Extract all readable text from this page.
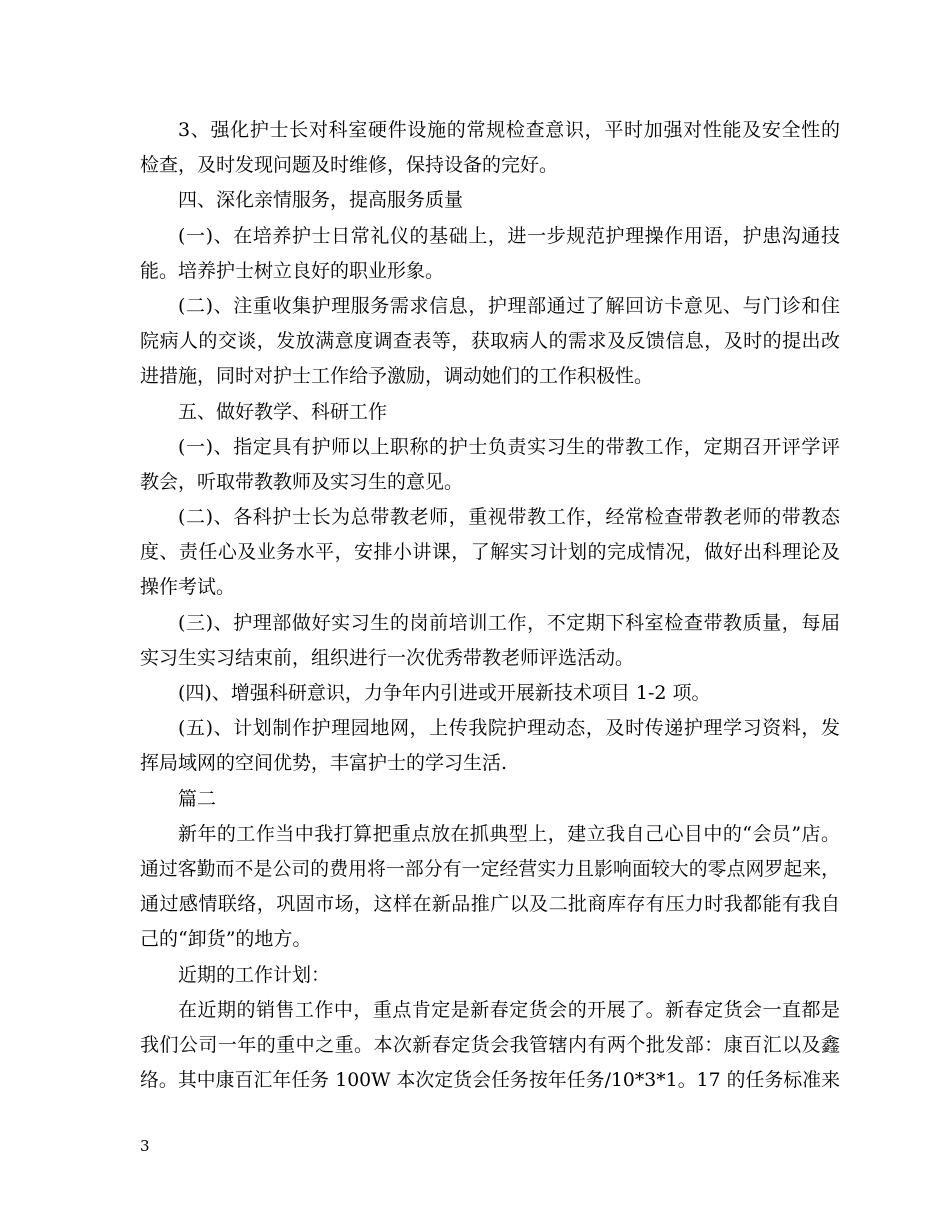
3、强化护士长对科室硬件设施的常规检查意识，平时加强对性能及安全性的
检查，及时发现问题及时维修，保持设备的完好。
四、深化亲情服务，提高服务质量
(一)、在培养护士日常礼仪的基础上，进一步规范护理操作用语，护患沟通技
能。培养护士树立良好的职业形象。
(二)、注重收集护理服务需求信息，护理部通过了解回访卡意见、与门诊和住
院病人的交谈，发放满意度调查表等，获取病人的需求及反馈信息，及时的提出改
进措施，同时对护士工作给予激励，调动她们的工作积极性。
五、做好教学、科研工作
(一)、指定具有护师以上职称的护士负责实习生的带教工作，定期召开评学评
教会，听取带教教师及实习生的意见。
(二)、各科护士长为总带教老师，重视带教工作，经常检查带教老师的带教态
度、责任心及业务水平，安排小讲课，了解实习计划的完成情况，做好出科理论及
操作考试。
(三)、护理部做好实习生的岗前培训工作，不定期下科室检查带教质量，每届
实习生实习结束前，组织进行一次优秀带教老师评选活动。
(四)、增强科研意识，力争年内引进或开展新技术项目 1-2 项。
(五)、计划制作护理园地网，上传我院护理动态，及时传递护理学习资料，发
挥局域网的空间优势，丰富护士的学习生活.
篇二
新年的工作当中我打算把重点放在抓典型上，建立我自己心目中的“会员”店。
通过客勤而不是公司的费用将一部分有一定经营实力且影响面较大的零点网罗起来，
通过感情联络，巩固市场，这样在新品推广以及二批商库存有压力时我都能有我自
己的“卸货”的地方。
近期的工作计划：
在近期的销售工作中，重点肯定是新春定货会的开展了。新春定货会一直都是
我们公司一年的重中之重。本次新春定货会我管辖内有两个批发部：康百汇以及鑫
络。其中康百汇年任务 100W 本次定货会任务按年任务/10*3*1。17 的任务标准来
3
